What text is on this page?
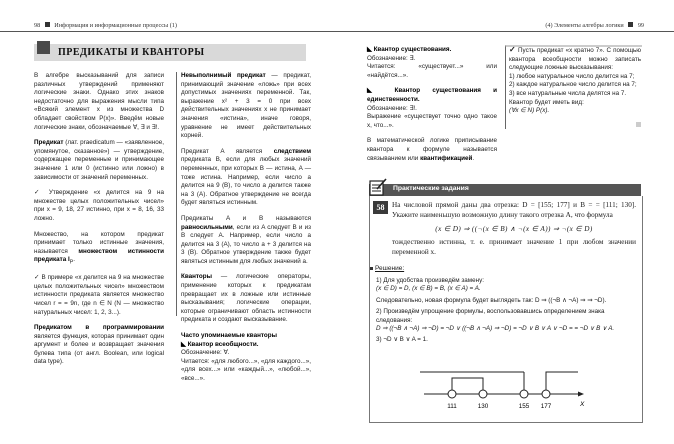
98 Информация и информационные процессы (1)
ПРЕДИКАТЫ И КВАНТОРЫ

В алгебре высказываний для записи различных утверждений применяют логические знаки. Однако этих знаков недостаточно для выражения мысли типа «Всякий элемент x из множества D обладает свойством P(x)». Введём новые логические знаки, обозначаемые ∀, ∃ и ∃!.

Предикат (лат. praedicatum — «заявленное, упомянутое, сказанное») — утверждение, содержащее переменные и принимающее значение 1 или 0 (истинно или ложно) в зависимости от значений переменных.

✓ Утверждение «x делится на 9 на множестве целых положительных чисел» при x = 9, 18, 27 истинно, при x = 8, 16, 33 ложно.

Множество, на котором предикат принимает только истинные значения, называется множеством истинности предиката $I_P$.

✓ В примере «x делится на 9 на множестве целых положительных чисел» множеством истинности предиката является множество чисел r = = 9n, где n ∈ N (N — множество натуральных чисел: 1, 2, 3...).

Предикатом в программировании является функция, которая принимает один аргумент и более и возвращает значения булева типа (от англ. Boolean, или logical data type).

Невыполнимый предикат — предикат, принимающий значение «ложь» при всех допустимых значениях переменной. Так, выражение x² + 3 = 0 при всех действительных значениях x не принимает значения «истина», иначе говоря, уравнение не имеет действительных корней.

Предикат A является следствием предиката B, если для любых значений переменных, при которых B — истина, A — тоже истина. Например, если число a делится на 9 (B), то число a делится также на 3 (A). Обратное утверждение не всегда будет являться истинным.

Предикаты A и B называются равносильными, если из A следует B и из B следует A. Например, если число a делится на 3 (A), то число a + 3 делится на 3 (B). Обратное утверждение также будет являться истинным для любых значений a.

Кванторы — логические операторы, применение которых к предикатам превращает их в ложные или истинные высказывания; логические операции, которые ограничивают область истинности предиката и создают высказывание.

Часто упоминаемые кванторы
◣ Квантор всеобщности.
Обозначение: ∀.
Читается: «для любого...», «для каждого...», «для всех...» или «каждый...», «любой...», «все...».
(4) Элементы алгебры логики 99
◣ Квантор существования.
Обозначение: ∃.

Читается: «существует...» или «найдётся...».

◣ Квантор существования и единственности.
Обозначение: ∃!.

Выражение «существует точно одно такое x, что...».

В математической логике приписывание квантора к формуле называется связыванием или квантификацией.

✓ Пусть предикат «x кратно 7». С помощью квантора всеобщности можно записать следующие ложные высказывания:
1) любое натуральное число делится на 7;
2) каждое натуральное число делится на 7;
3) все натуральные числа делятся на 7.
Квантор будет иметь вид:
(∀x ∈ N) P(x).
Практические задания
58	На числовой прямой даны два отрезка: D = [155; 177] и B = = [111; 130]. Укажите наименьшую возможную длину такого отрезка A, что формула

(x ∈ D) ⇒ ((¬(x ∈ B) ∧ ¬(x ∈ A)) ⇒ ¬(x ∈ D)

тождественно истинна, т. е. принимает значение 1 при любом значении переменной x.

Решение:

1) Для удобства произведём замену:

(x ∈ D) = D, (x ∈ B) = B, (x ∈ A) = A.

Следовательно, новая формула будет выглядеть так: D ⇒ ((¬B ∧ ¬A) ⇒ ⇒ ¬D).

2) Произведём упрощение формулы, воспользовавшись определением знака следования:

D ⇒ ((¬B ∧ ¬A) ⇒ ¬D) = ¬D ∨ ((¬B ∧ ¬A) ⇒ ¬D) = ¬D ∨ B ∨ A ∨ ¬D = = ¬D ∨ B ∨ A.

3) ¬D ∨ B ∨ A = 1.

111	130	155 177	X
